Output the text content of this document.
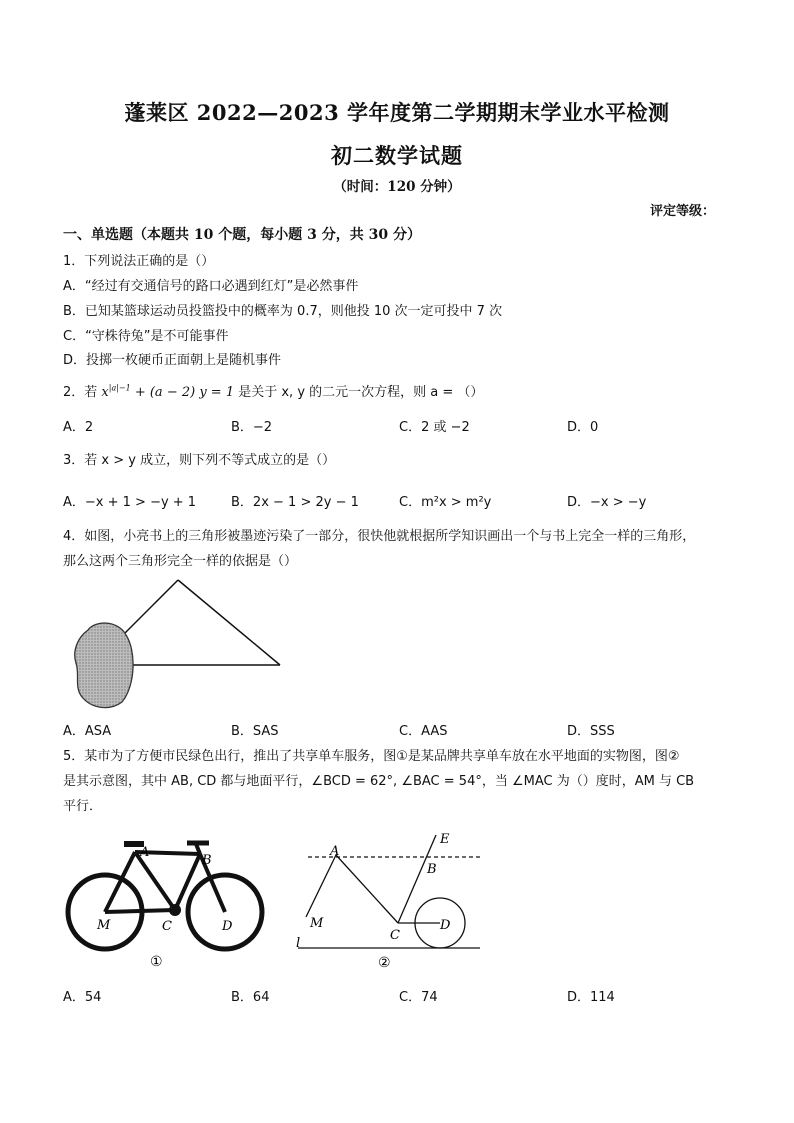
蓬莱区 2022—2023 学年度第二学期期末学业水平检测
初二数学试题
（时间：120 分钟）
评定等级：
一、单选题（本题共 10 个题，每小题 3 分，共 30 分）
1．下列说法正确的是（）
A．“经过有交通信号的路口必遇到红灯”是必然事件
B．已知某篮球运动员投篮投中的概率为 0.7，则他投 10 次一定可投中 7 次
C．“守株待兔”是不可能事件
D．投掷一枚硬币正面朝上是随机事件
2．若 $x^{|a|-1} + (a - 2) y = 1$ 是关于 x, y 的二元一次方程，则 a = （）
A．2	B．−2	C．2 或 −2	D．0
3．若 x > y 成立，则下列不等式成立的是（）
A．−x + 1 > −y + 1	B．2x − 1 > 2y − 1	C．m²x > m²y	D．−x > −y
4．如图，小亮书上的三角形被墨迹污染了一部分，很快他就根据所学知识画出一个与书上完全一样的三角形，
那么这两个三角形完全一样的依据是（）
A．ASA	B．SAS	C．AAS	D．SSS
5．某市为了方便市民绿色出行，推出了共享单车服务，图①是某品牌共享单车放在水平地面的实物图，图②
是其示意图，其中 AB, CD 都与地面平行，∠BCD = 62°, ∠BAC = 54°，当 ∠MAC 为（）度时，AM 与 CB
平行．
A
B
M	C	D
①
A
E
B
M
C
D
l
②
A．54	B．64	C．74	D．114
